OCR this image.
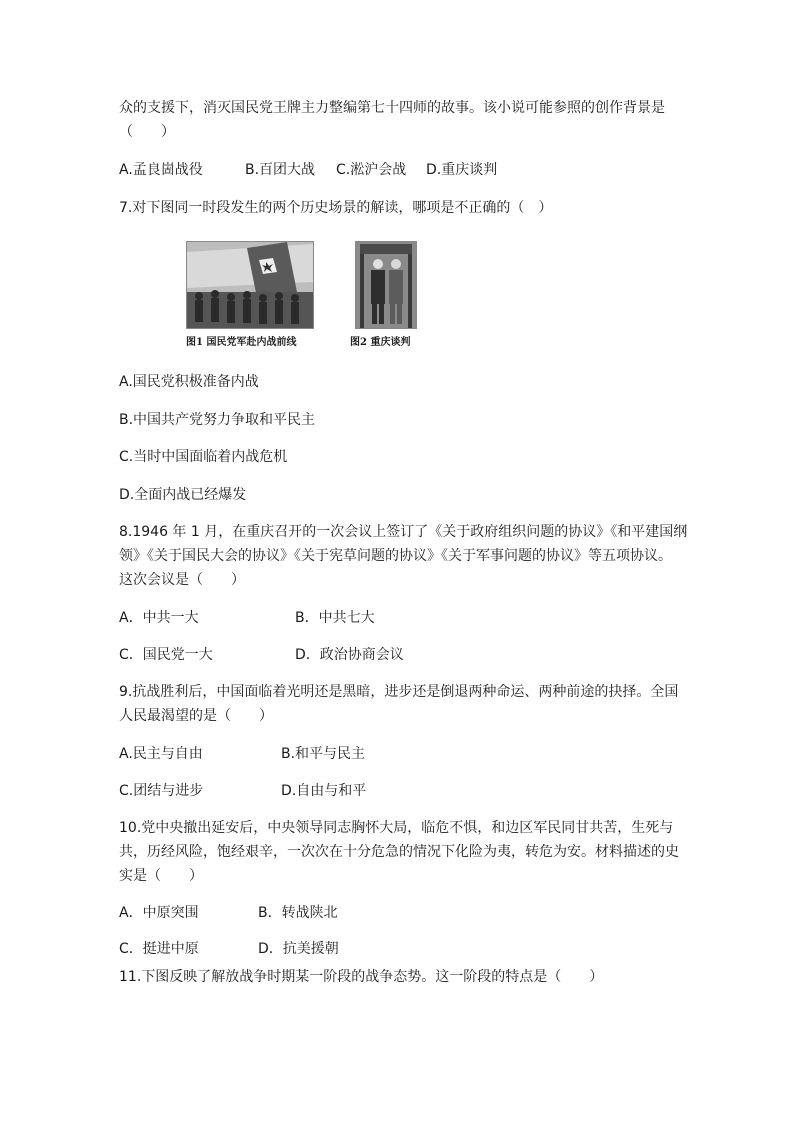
众的支援下，消灭国民党王牌主力整编第七十四师的故事。该小说可能参照的创作背景是
（　　）
A.孟良崮战役	B.百团大战 C.淞沪会战 D.重庆谈判
7.对下图同一时段发生的两个历史场景的解读，哪项是不正确的（　）
图1 国民党军赴内战前线	图2 重庆谈判
A.国民党积极准备内战
B.中国共产党努力争取和平民主
C.当时中国面临着内战危机
D.全面内战已经爆发
8.1946 年 1 月，在重庆召开的一次会议上签订了《关于政府组织问题的协议》《和平建国纲
领》《关于国民大会的协议》《关于宪草问题的协议》《关于军事问题的协议》等五项协议。
这次会议是（　　）
A．中共一大	B．中共七大
C．国民党一大	D．政治协商会议
9.抗战胜利后，中国面临着光明还是黑暗，进步还是倒退两种命运、两种前途的抉择。全国
人民最渴望的是（　　）
A.民主与自由	B.和平与民主
C.团结与进步	D.自由与和平
10.党中央撤出延安后，中央领导同志胸怀大局，临危不惧，和边区军民同甘共苦，生死与
共，历经风险，饱经艰辛，一次次在十分危急的情况下化险为夷，转危为安。材料描述的史
实是（　　）
A．中原突围	B．转战陕北
C．挺进中原	D．抗美援朝
11.下图反映了解放战争时期某一阶段的战争态势。这一阶段的特点是（　　）
